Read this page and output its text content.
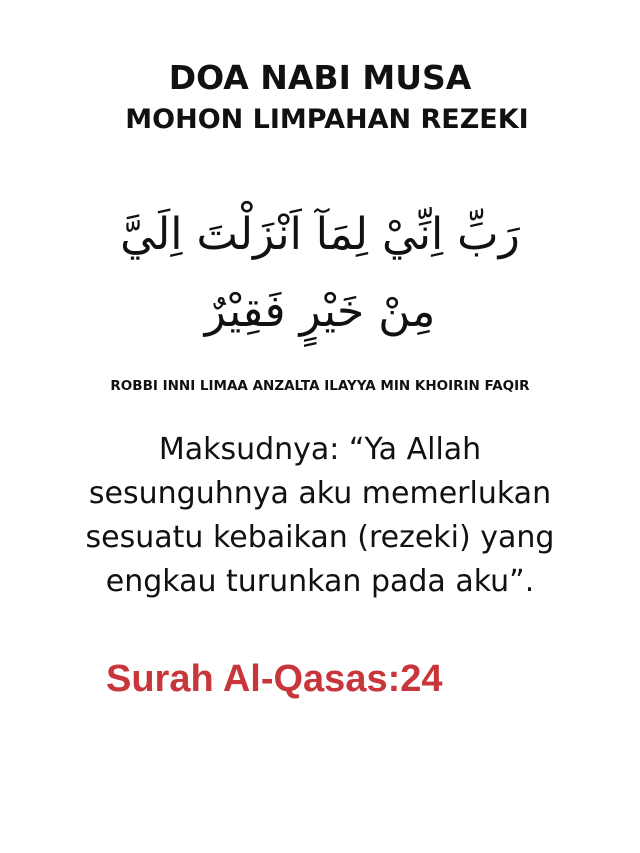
DOA NABI MUSA
MOHON LIMPAHAN REZEKI
رَبِّ اِنِّيْ لِمَآ اَنْزَلْتَ اِلَيَّ
مِنْ خَيْرٍ فَقِيْرٌ
ROBBI INNI LIMAA ANZALTA ILAYYA MIN KHOIRIN FAQIR
Maksudnya: “Ya Allah
sesunguhnya aku memerlukan
sesuatu kebaikan (rezeki) yang
engkau turunkan pada aku”.
Surah Al-Qasas:24
